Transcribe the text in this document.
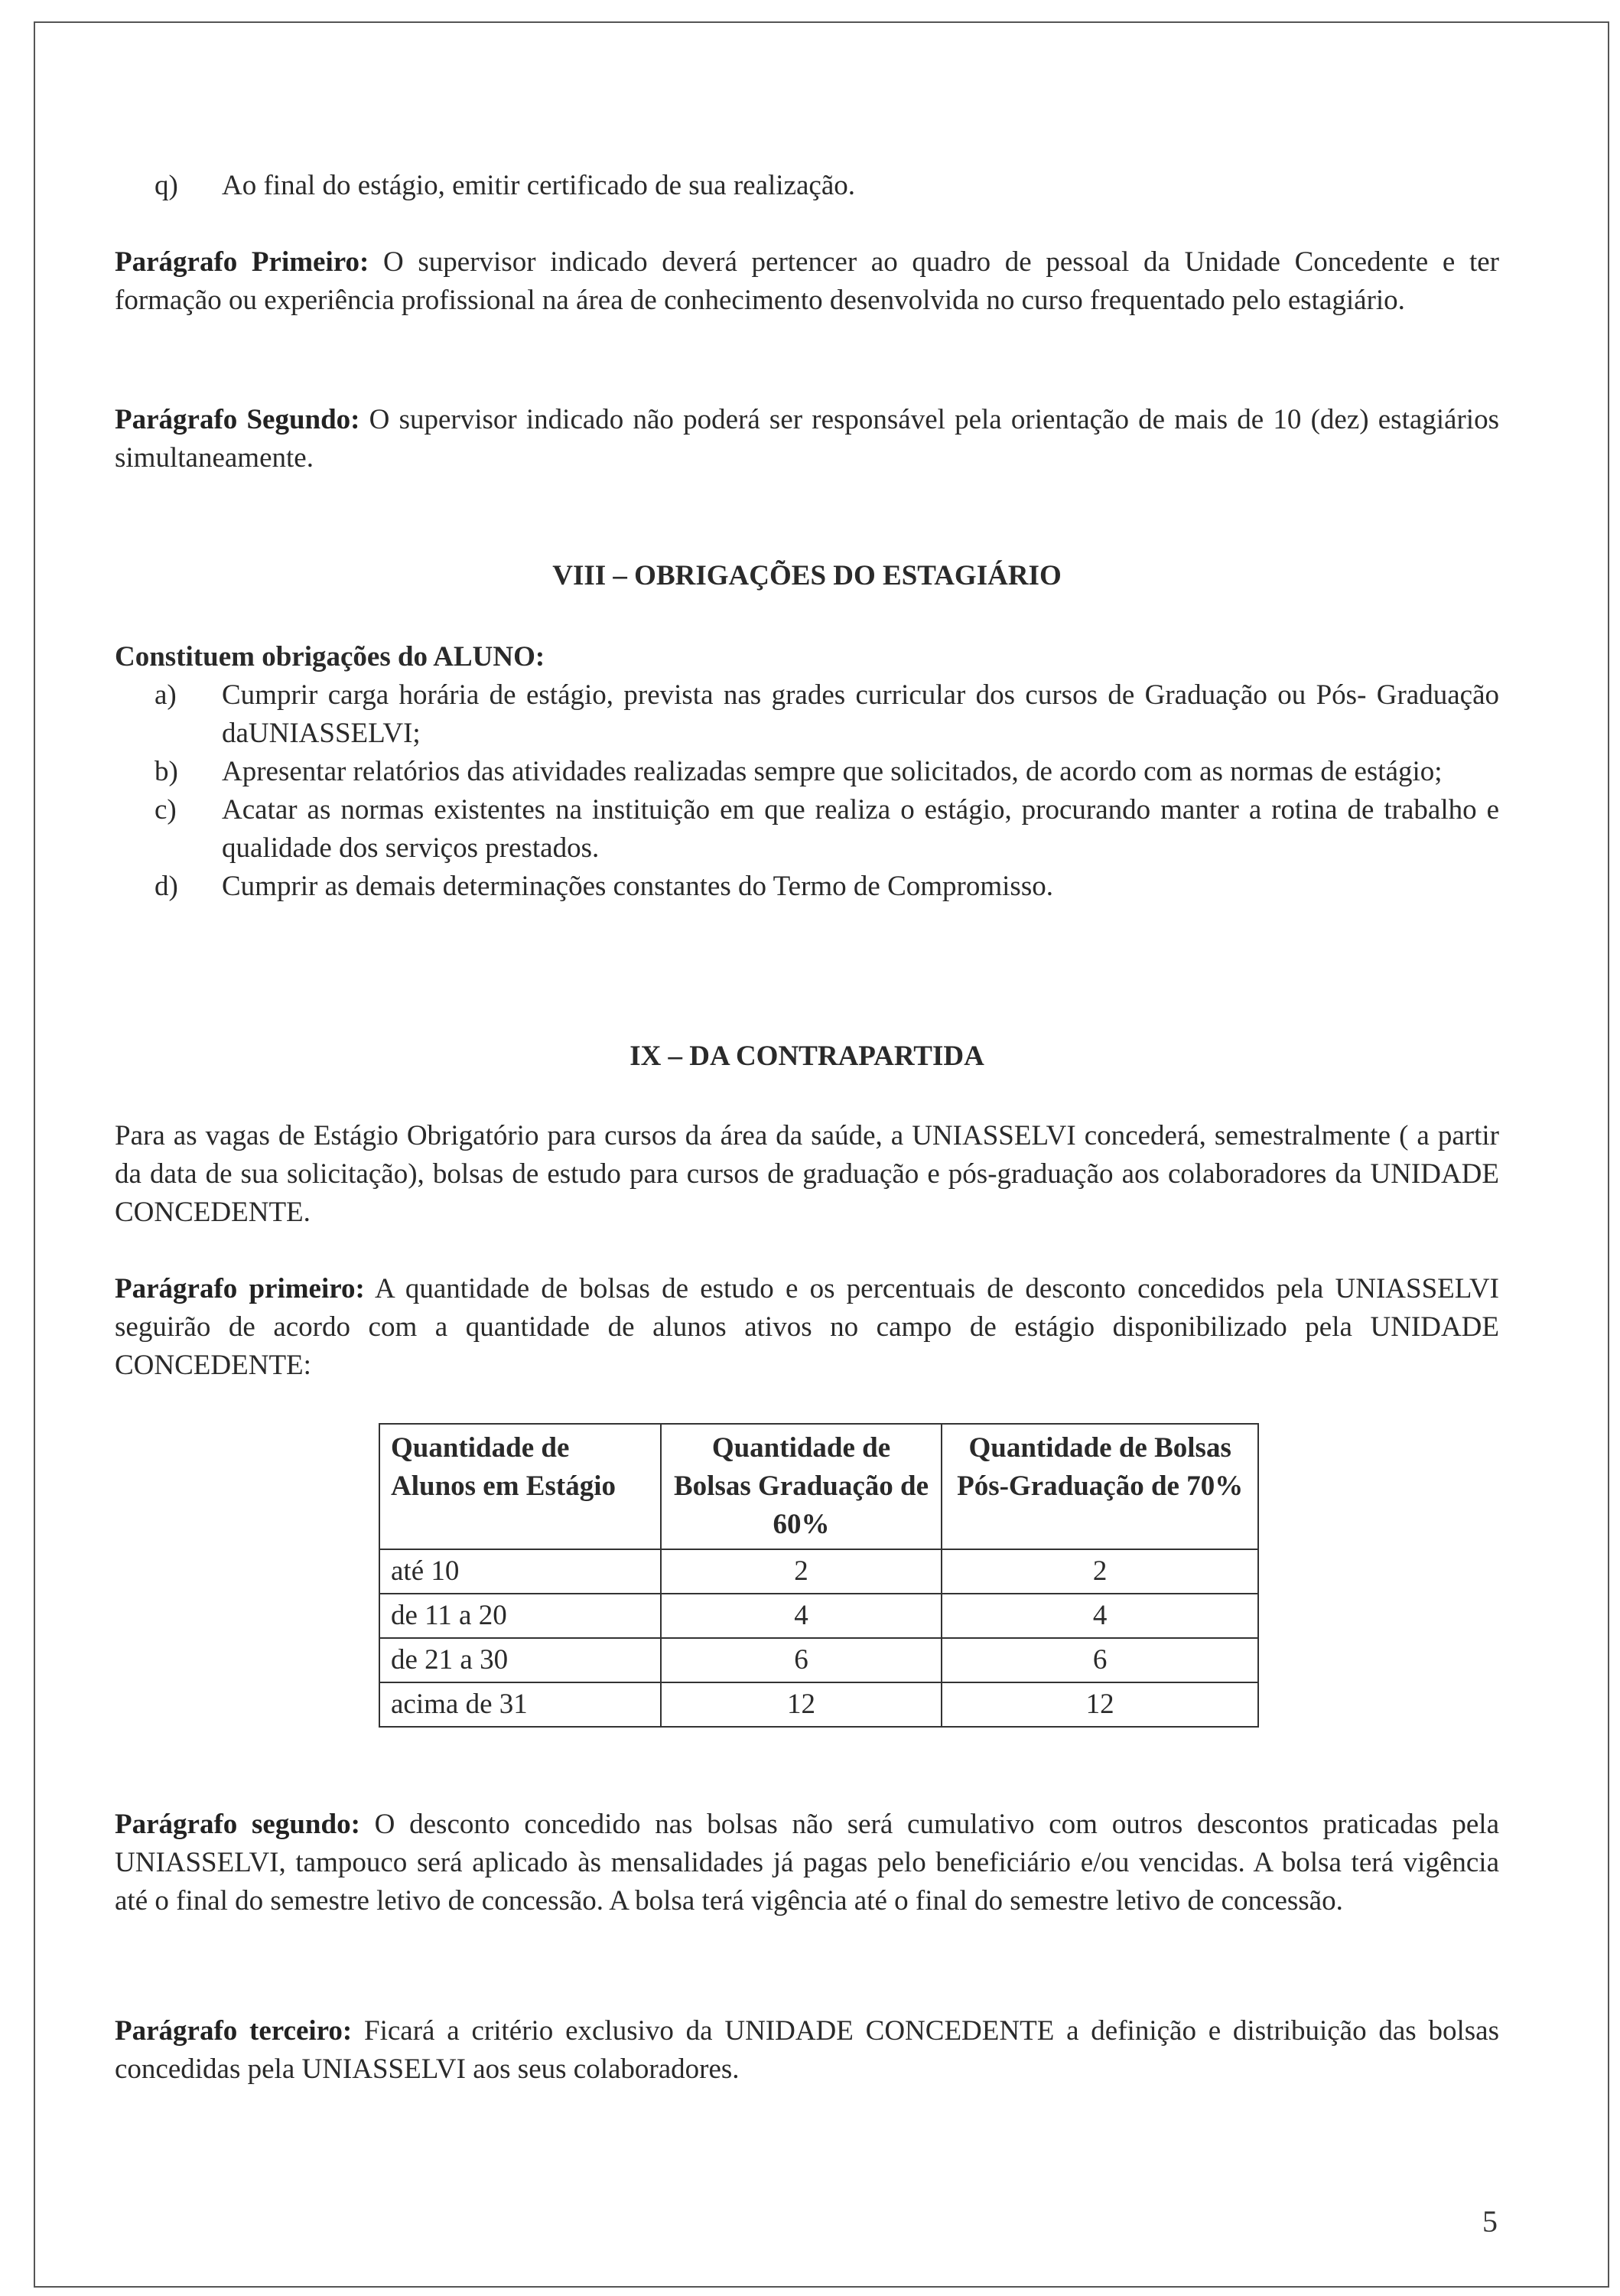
q) Ao final do estágio, emitir certificado de sua realização.

Parágrafo Primeiro: O supervisor indicado deverá pertencer ao quadro de pessoal da Unidade Concedente e ter formação ou experiência profissional na área de conhecimento desenvolvida no curso frequentado pelo estagiário.

Parágrafo Segundo: O supervisor indicado não poderá ser responsável pela orientação de mais de 10 (dez) estagiários simultaneamente.

VIII – OBRIGAÇÕES DO ESTAGIÁRIO

Constituem obrigações do ALUNO:

a) Cumprir carga horária de estágio, prevista nas grades curricular dos cursos de Graduação ou Pós- Graduação daUNIASSELVI;
b) Apresentar relatórios das atividades realizadas sempre que solicitados, de acordo com as normas de estágio;
c) Acatar as normas existentes na instituição em que realiza o estágio, procurando manter a rotina de trabalho e qualidade dos serviços prestados.
d) Cumprir as demais determinações constantes do Termo de Compromisso.
IX – DA CONTRAPARTIDA

Para as vagas de Estágio Obrigatório para cursos da área da saúde, a UNIASSELVI concederá, semestralmente ( a partir da data de sua solicitação), bolsas de estudo para cursos de graduação e pós-graduação aos colaboradores da UNIDADE CONCEDENTE.

Parágrafo primeiro: A quantidade de bolsas de estudo e os percentuais de desconto concedidos pela UNIASSELVI seguirão de acordo com a quantidade de alunos ativos no campo de estágio disponibilizado pela UNIDADE CONCEDENTE:

Quantidade de Alunos em Estágio	Quantidade de Bolsas Graduação de 60%	Quantidade de Bolsas Pós-Graduação de 70%
até 10	2	2
de 11 a 20	4	4
de 21 a 30	6	6
acima de 31	12	12

Parágrafo segundo: O desconto concedido nas bolsas não será cumulativo com outros descontos praticadas pela UNIASSELVI, tampouco será aplicado às mensalidades já pagas pelo beneficiário e/ou vencidas. A bolsa terá vigência até o final do semestre letivo de concessão. A bolsa terá vigência até o final do semestre letivo de concessão.

Parágrafo terceiro: Ficará a critério exclusivo da UNIDADE CONCEDENTE a definição e distribuição das bolsas concedidas pela UNIASSELVI aos seus colaboradores.

5
